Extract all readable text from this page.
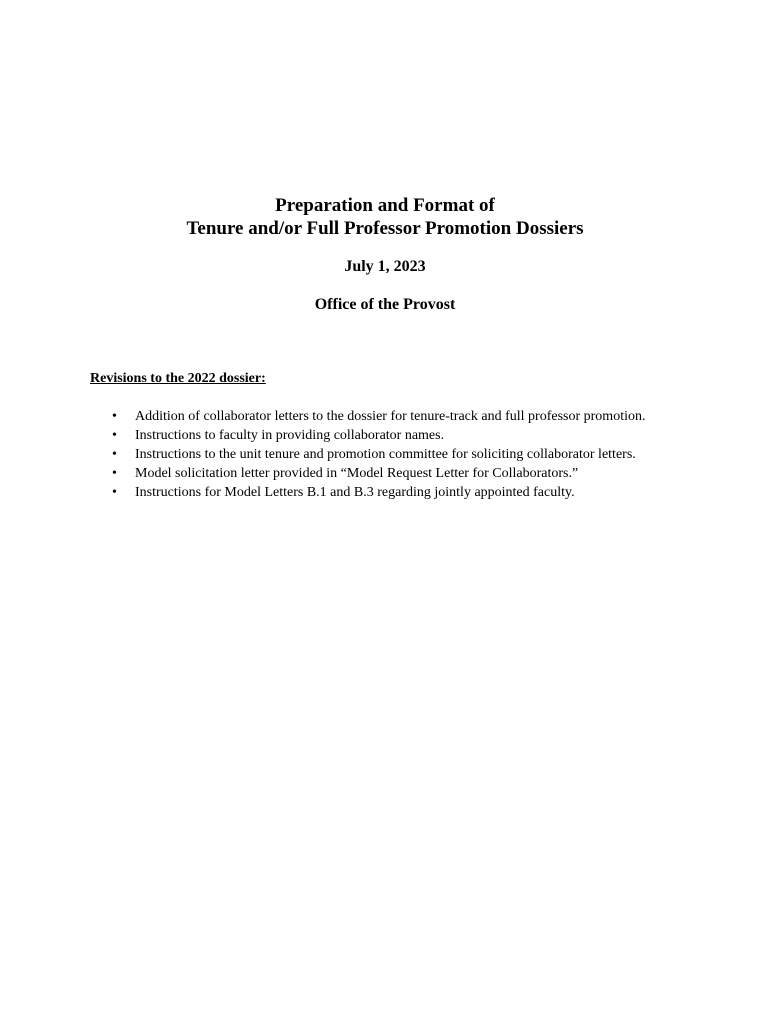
Preparation and Format of

Tenure and/or Full Professor Promotion Dossiers

July 1, 2023
Office of the Provost

Revisions to the 2022 dossier:

• Addition of collaborator letters to the dossier for tenure-track and full professor promotion.
• Instructions to faculty in providing collaborator names.
• Instructions to the unit tenure and promotion committee for soliciting collaborator letters.
• Model solicitation letter provided in “Model Request Letter for Collaborators.”
• Instructions for Model Letters B.1 and B.3 regarding jointly appointed faculty.
